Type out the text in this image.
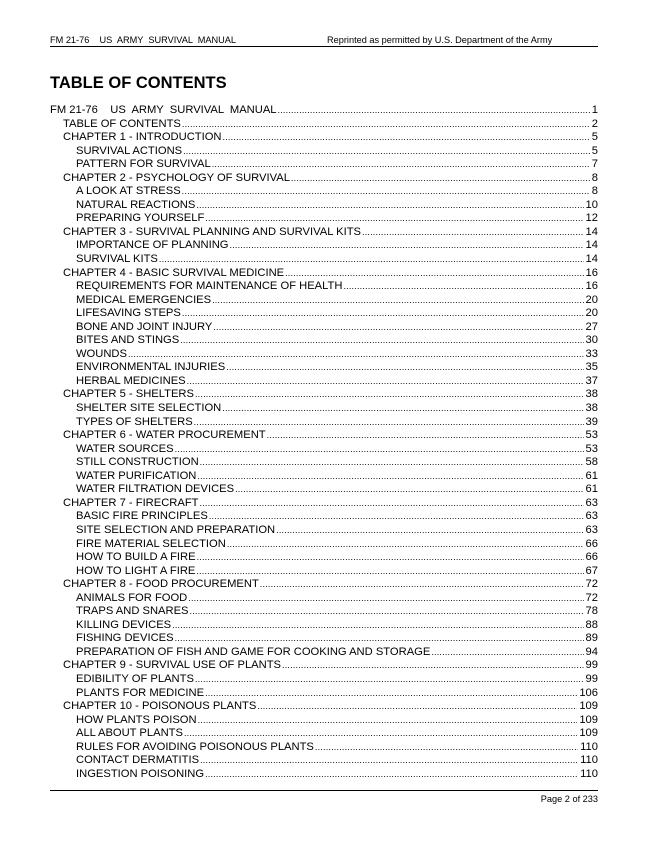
FM 21-76    US  ARMY  SURVIVAL  MANUAL	Reprinted as permitted by U.S. Department of the Army
TABLE OF CONTENTS
FM 21-76    US  ARMY  SURVIVAL  MANUAL .....	1
TABLE OF CONTENTS .....	2
CHAPTER 1 - INTRODUCTION .....	5
SURVIVAL ACTIONS .....	5
PATTERN FOR SURVIVAL .....	7
CHAPTER 2 - PSYCHOLOGY OF SURVIVAL .....	8
A LOOK AT STRESS .....	8
NATURAL REACTIONS .....	10
PREPARING YOURSELF .....	12
CHAPTER 3 - SURVIVAL PLANNING AND SURVIVAL KITS .....	14
IMPORTANCE OF PLANNING .....	14
SURVIVAL KITS .....	14
CHAPTER 4 - BASIC SURVIVAL MEDICINE .....	16
REQUIREMENTS FOR MAINTENANCE OF HEALTH .....	16
MEDICAL EMERGENCIES .....	20
LIFESAVING STEPS .....	20
BONE AND JOINT INJURY .....	27
BITES AND STINGS .....	30
WOUNDS .....	33
ENVIRONMENTAL INJURIES .....	35
HERBAL MEDICINES .....	37
CHAPTER 5 - SHELTERS .....	38
SHELTER SITE SELECTION .....	38
TYPES OF SHELTERS .....	39
CHAPTER 6 - WATER PROCUREMENT .....	53
WATER SOURCES .....	53
STILL CONSTRUCTION .....	58
WATER PURIFICATION .....	61
WATER FILTRATION DEVICES .....	61
CHAPTER 7 - FIRECRAFT .....	63
BASIC FIRE PRINCIPLES .....	63
SITE SELECTION AND PREPARATION .....	63
FIRE MATERIAL SELECTION .....	66
HOW TO BUILD A FIRE .....	66
HOW TO LIGHT A FIRE .....	67
CHAPTER 8 - FOOD PROCUREMENT .....	72
ANIMALS FOR FOOD .....	72
TRAPS AND SNARES .....	78
KILLING DEVICES .....	88
FISHING DEVICES .....	89
PREPARATION OF FISH AND GAME FOR COOKING AND STORAGE .....	94
CHAPTER 9 - SURVIVAL USE OF PLANTS .....	99
EDIBILITY OF PLANTS .....	99
PLANTS FOR MEDICINE .....	106
CHAPTER 10 - POISONOUS PLANTS .....	109
HOW PLANTS POISON .....	109
ALL ABOUT PLANTS .....	109
RULES FOR AVOIDING POISONOUS PLANTS .....	110
CONTACT DERMATITIS .....	110
INGESTION POISONING .....	110
Page 2 of 233
